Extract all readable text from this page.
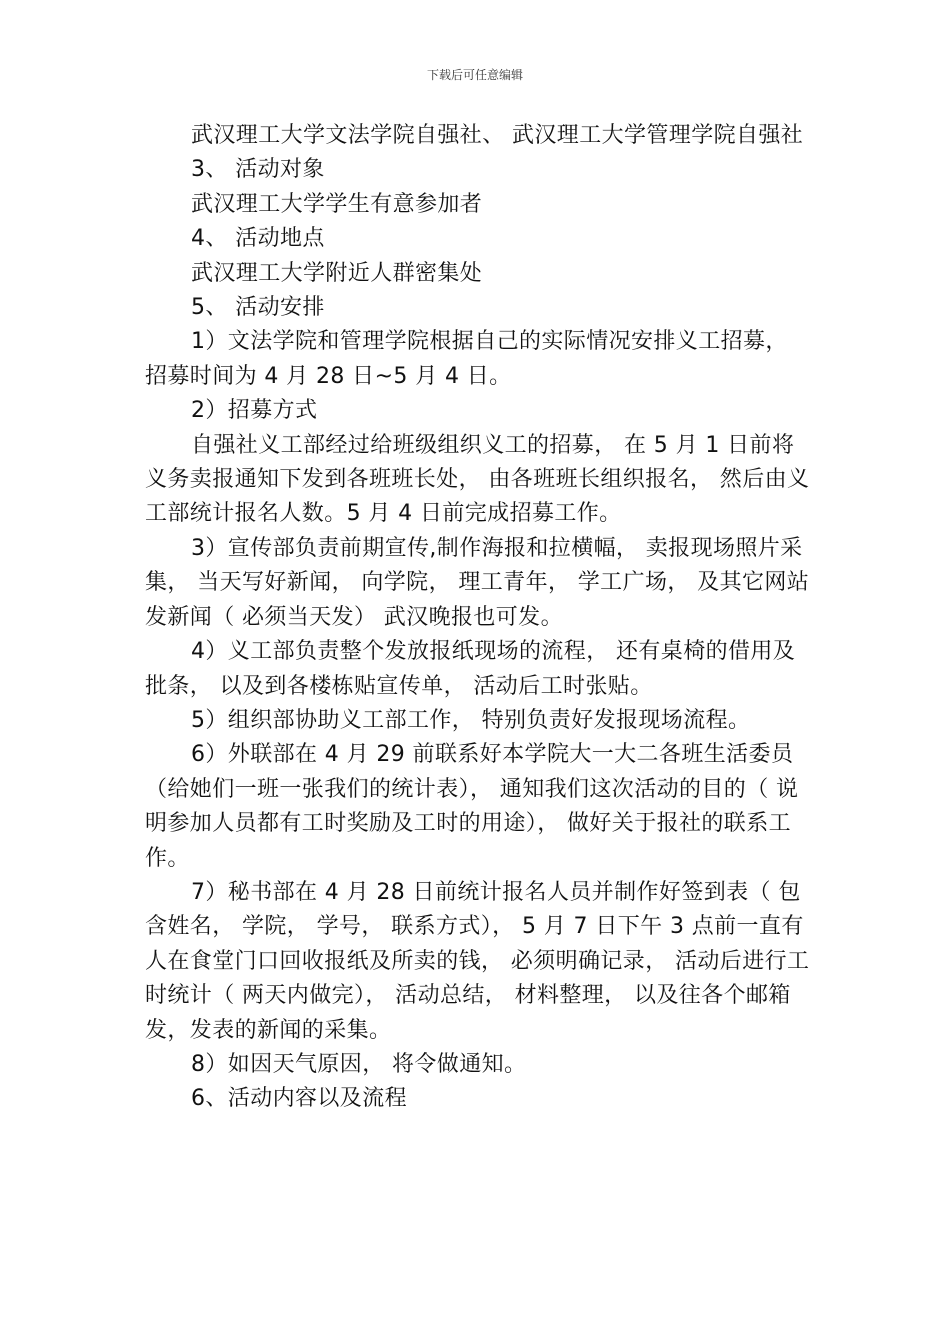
下载后可任意编辑

武汉理工大学文法学院自强社、 武汉理工大学管理学院自强社

3、 活动对象

武汉理工大学学生有意参加者

4、 活动地点

武汉理工大学附近人群密集处

5、 活动安排

1）文法学院和管理学院根据自己的实际情况安排义工招募，招募时间为 4 月 28 日~5 月 4 日。

2）招募方式

自强社义工部经过给班级组织义工的招募， 在 5 月 1 日前将义务卖报通知下发到各班班长处， 由各班班长组织报名， 然后由义工部统计报名人数。5 月 4 日前完成招募工作。

3）宣传部负责前期宣传,制作海报和拉横幅， 卖报现场照片采集， 当天写好新闻， 向学院， 理工青年， 学工广场， 及其它网站发新闻（ 必须当天发） 武汉晚报也可发。

4）义工部负责整个发放报纸现场的流程， 还有桌椅的借用及批条， 以及到各楼栋贴宣传单， 活动后工时张贴。

5）组织部协助义工部工作， 特别负责好发报现场流程。

6）外联部在 4 月 29 前联系好本学院大一大二各班生活委员（给她们一班一张我们的统计表）， 通知我们这次活动的目的（ 说明参加人员都有工时奖励及工时的用途）， 做好关于报社的联系工作。

7）秘书部在 4 月 28 日前统计报名人员并制作好签到表（ 包含姓名， 学院， 学号， 联系方式）， 5 月 7 日下午 3 点前一直有人在食堂门口回收报纸及所卖的钱， 必须明确记录， 活动后进行工时统计（ 两天内做完）， 活动总结， 材料整理， 以及往各个邮箱发，发表的新闻的采集。

8）如因天气原因， 将令做通知。

6、活动内容以及流程
